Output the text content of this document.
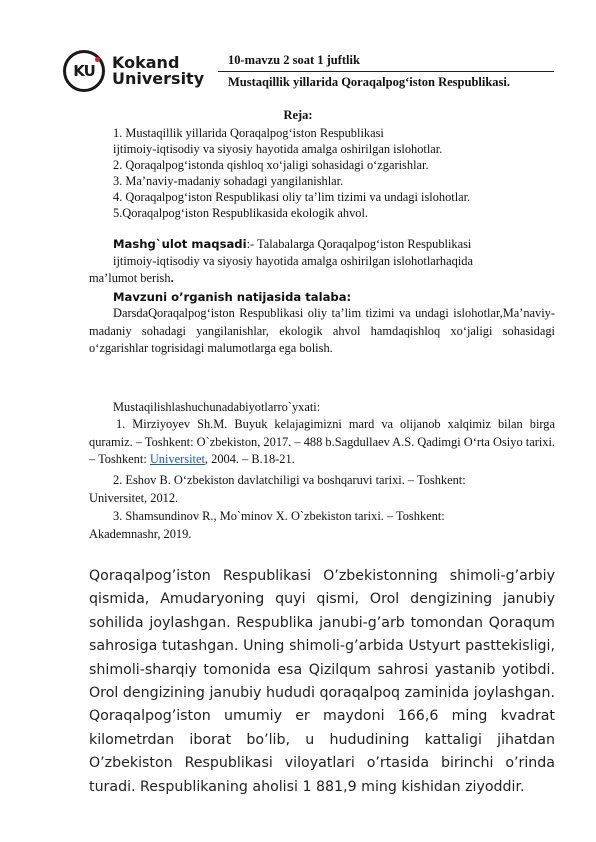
KU Kokand
University
10-mavzu 2 soat 1 juftlik
Mustaqillik yillarida Qoraqalpog‘iston Respublikasi.
Reja:
1. Mustaqillik yillarida Qoraqalpog‘iston Respublikasi
ijtimoiy-iqtisodiy va siyosiy hayotida amalga oshirilgan islohotlar.
2. Qoraqalpog‘istonda qishloq xo‘jaligi sohasidagi o‘zgarishlar.
3. Ma’naviy-madaniy sohadagi yangilanishlar.
4. Qoraqalpog‘iston Respublikasi oliy ta’lim tizimi va undagi islohotlar.
5.Qoraqalpog‘iston Respublikasida ekologik ahvol.
Mashg`ulot maqsadi:- Talabalarga Qoraqalpog‘iston Respublikasi
ijtimoiy-iqtisodiy va siyosiy hayotida amalga oshirilgan islohotlarhaqida
ma’lumot berish.
Mavzuni o’rganish natijasida talaba:
DarsdaQoraqalpog‘iston Respublikasi oliy ta’lim tizimi va undagi islohotlar,Ma’naviy-madaniy sohadagi yangilanishlar, ekologik ahvol hamdaqishloq xo‘jaligi sohasidagi o‘zgarishlar togrisidagi malumotlarga ega bolish.
Mustaqilishlashuchunadabiyotlarro`yxati:
1. Mirziyoyev Sh.M. Buyuk kelajagimizni mard va olijanob xalqimiz bilan birga quramiz. – Toshkent: O`zbekiston, 2017. – 488 b.Sagdullaev A.S. Qadimgi O‘rta Osiyo tarixi. – Toshkent: Universitet, 2004. – B.18-21.
2. Eshov B. O‘zbekiston davlatchiligi va boshqaruvi tarixi. – Toshkent:
Universitet, 2012.
3. Shamsundinov R., Mo`minov X. O`zbekiston tarixi. – Toshkent:
Akademnashr, 2019.
Qoraqalpog’iston Respublikasi O’zbekistonning shimoli-g’arbiy qismida, Amudaryoning quyi qismi, Orol dengizining janubiy sohilida joylashgan. Respublika janubi-g’arb tomondan Qoraqum sahrosiga tutashgan. Uning shimoli-g’arbida Ustyurt pasttekisligi, shimoli-sharqiy tomonida esa Qizilqum sahrosi yastanib yotibdi. Orol dengizining janubiy hududi qoraqalpoq zaminida joylashgan. Qoraqalpog’iston umumiy er maydoni 166,6 ming kvadrat kilometrdan iborat bo’lib, u hududining kattaligi jihatdan O’zbekiston Respublikasi viloyatlari o’rtasida birinchi o’rinda turadi. Respublikaning aholisi 1 881,9 ming kishidan ziyoddir.
